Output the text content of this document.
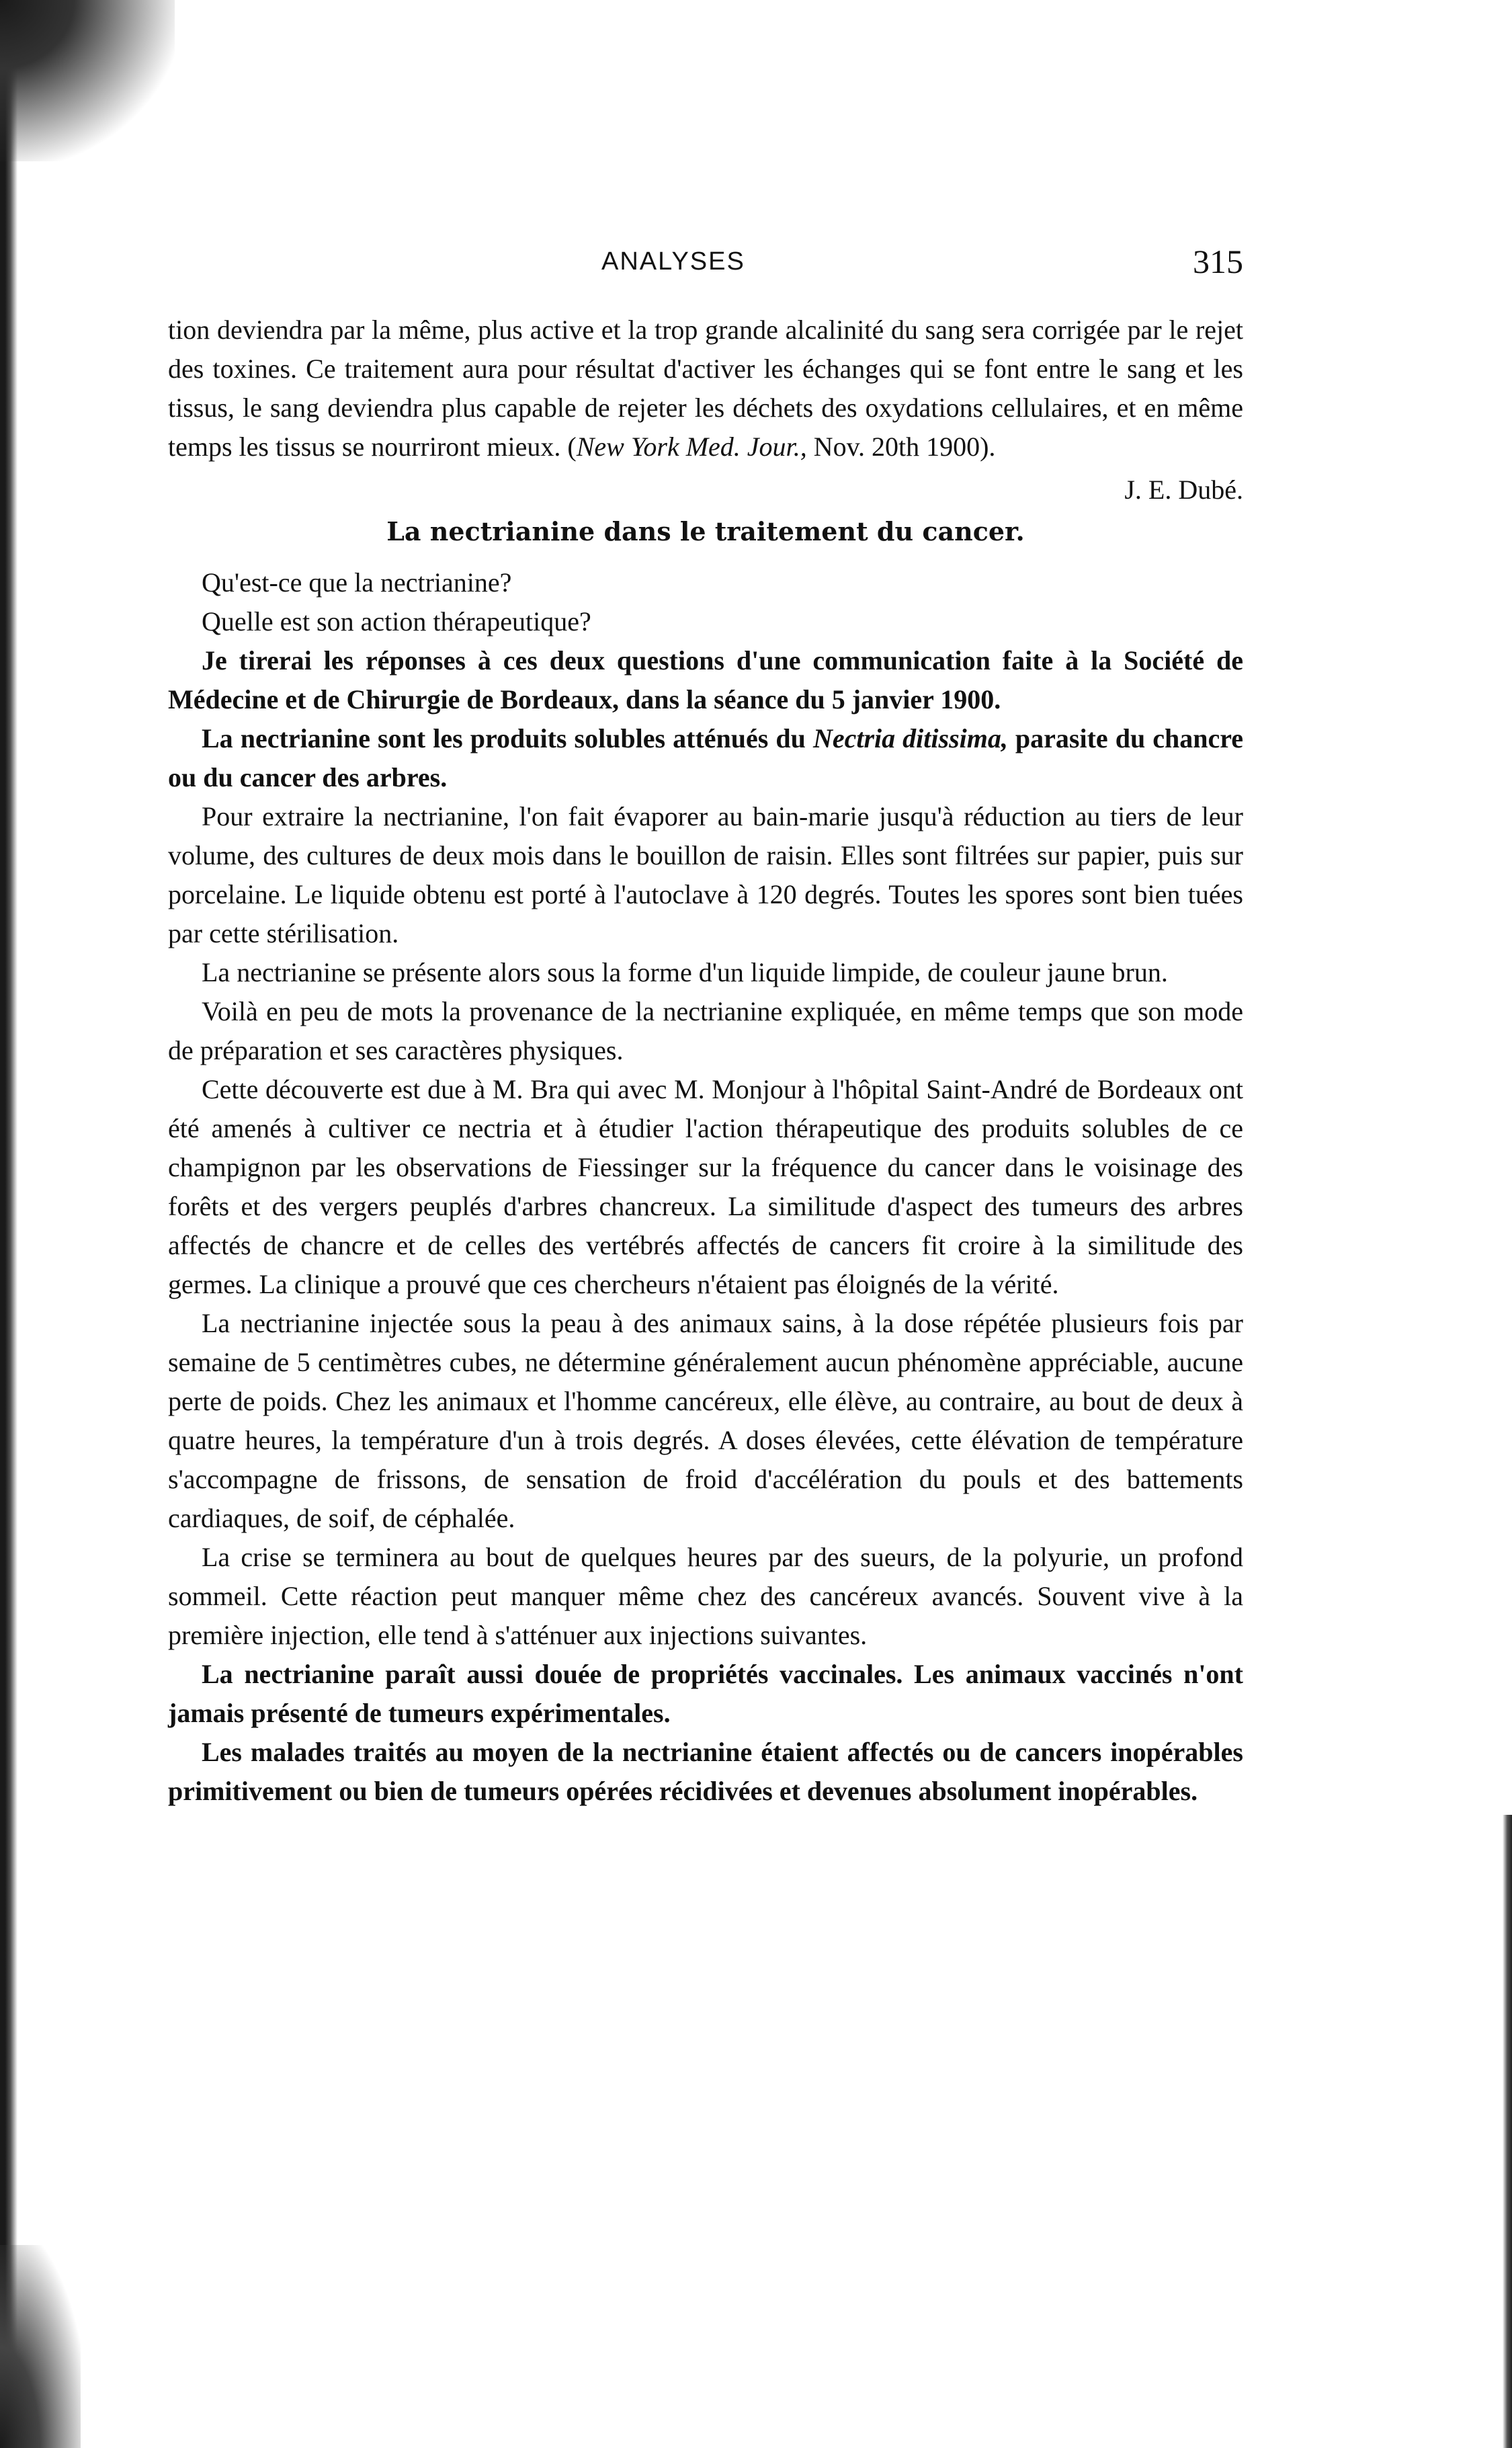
ANALYSES	315

tion deviendra par la même, plus active et la trop grande alcalinité du sang sera corrigée par le rejet des toxines. Ce traitement aura pour résultat d'activer les échanges qui se font entre le sang et les tissus, le sang deviendra plus capable de rejeter les déchets des oxydations cellulaires, et en même temps les tissus se nourriront mieux. (New York Med. Jour., Nov. 20th 1900).

J. E. Dubé.

La nectrianine dans le traitement du cancer.

Qu'est-ce que la nectrianine?

Quelle est son action thérapeutique?

Je tirerai les réponses à ces deux questions d'une communication faite à la Société de Médecine et de Chirurgie de Bordeaux, dans la séance du 5 janvier 1900.

La nectrianine sont les produits solubles atténués du Nectria ditissima, parasite du chancre ou du cancer des arbres.

Pour extraire la nectrianine, l'on fait évaporer au bain-marie jusqu'à réduction au tiers de leur volume, des cultures de deux mois dans le bouillon de raisin. Elles sont filtrées sur papier, puis sur porcelaine. Le liquide obtenu est porté à l'autoclave à 120 degrés. Toutes les spores sont bien tuées par cette stérilisation.

La nectrianine se présente alors sous la forme d'un liquide limpide, de couleur jaune brun.

Voilà en peu de mots la provenance de la nectrianine expliquée, en même temps que son mode de préparation et ses caractères physiques.

Cette découverte est due à M. Bra qui avec M. Monjour à l'hôpital Saint-André de Bordeaux ont été amenés à cultiver ce nectria et à étudier l'action thérapeutique des produits solubles de ce champignon par les observations de Fiessinger sur la fréquence du cancer dans le voisinage des forêts et des vergers peuplés d'arbres chancreux. La similitude d'aspect des tumeurs des arbres affectés de chancre et de celles des vertébrés affectés de cancers fit croire à la similitude des germes. La clinique a prouvé que ces chercheurs n'étaient pas éloignés de la vérité.

La nectrianine injectée sous la peau à des animaux sains, à la dose répétée plusieurs fois par semaine de 5 centimètres cubes, ne détermine généralement aucun phénomène appréciable, aucune perte de poids. Chez les animaux et l'homme cancéreux, elle élève, au contraire, au bout de deux à quatre heures, la température d'un à trois degrés. A doses élevées, cette élévation de température s'accompagne de frissons, de sensation de froid d'accélération du pouls et des battements cardiaques, de soif, de céphalée.

La crise se terminera au bout de quelques heures par des sueurs, de la polyurie, un profond sommeil. Cette réaction peut manquer même chez des cancéreux avancés. Souvent vive à la première injection, elle tend à s'atténuer aux injections suivantes.

La nectrianine paraît aussi douée de propriétés vaccinales. Les animaux vaccinés n'ont jamais présenté de tumeurs expérimentales.

Les malades traités au moyen de la nectrianine étaient affectés ou de cancers inopérables primitivement ou bien de tumeurs opérées récidivées et devenues absolument inopérables.
